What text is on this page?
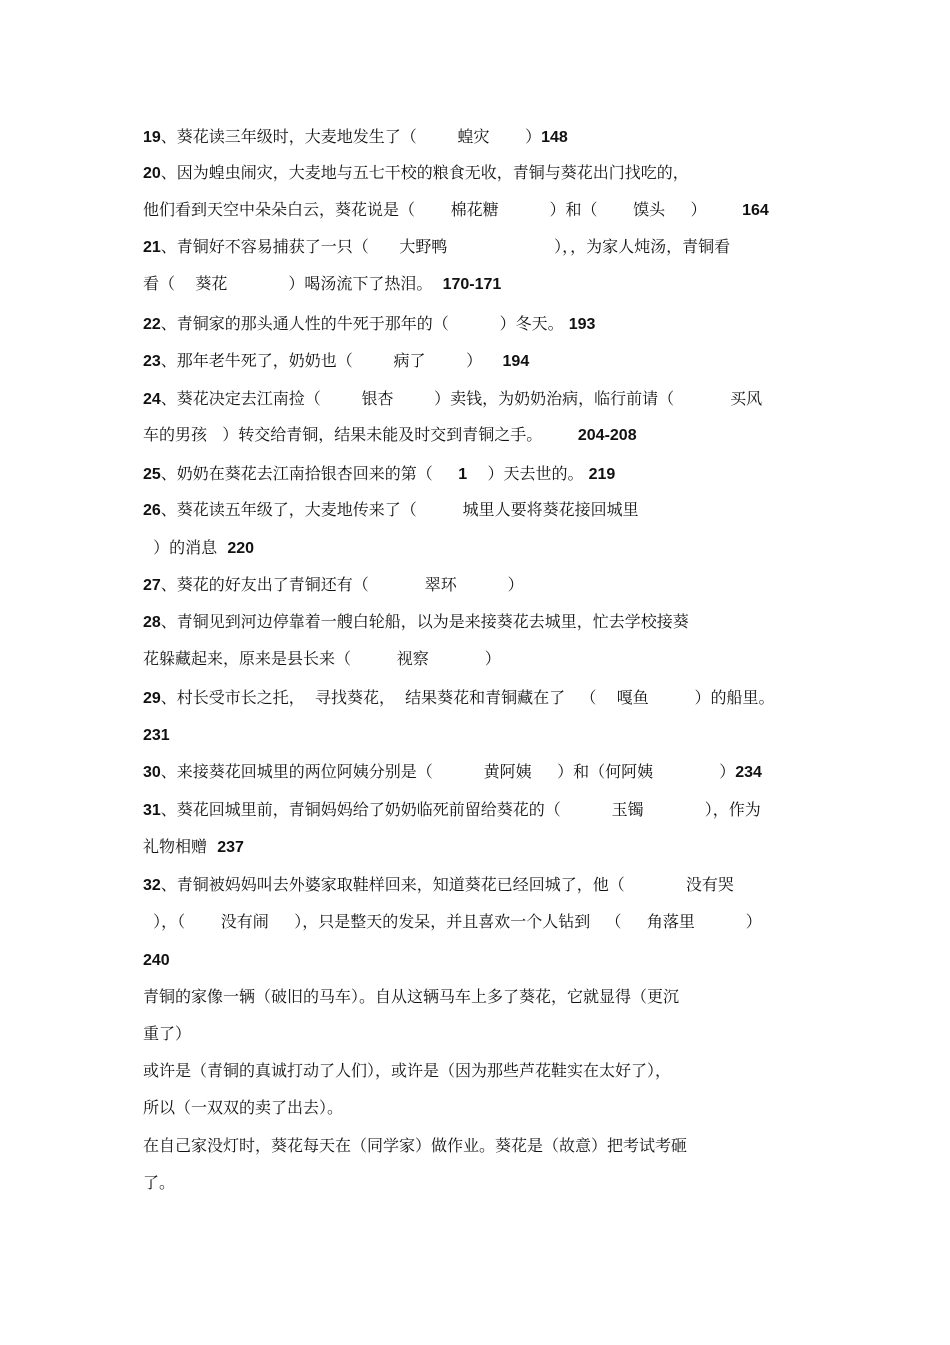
19、葵花读三年级时，大麦地发生了（        蝗灾       ）148
20、因为蝗虫闹灾，大麦地与五七干校的粮食无收，青铜与葵花出门找吃的，
他们看到天空中朵朵白云，葵花说是（       棉花糖          ）和（       馍头     ）       164
21、青铜好不容易捕获了一只（      大野鸭                     ），，为家人炖汤，青铜看
看（    葵花            ）喝汤流下了热泪。  170-171
22、青铜家的那头通人性的牛死于那年的（          ）冬天。 193
23、那年老牛死了，奶奶也（        病了        ）    194
24、葵花决定去江南捡（        银杏        ）卖钱，为奶奶治病，临行前请（           买风
车的男孩   ）转交给青铜，结果未能及时交到青铜之手。       204-208
25、奶奶在葵花去江南拾银杏回来的第（     1    ）天去世的。 219
26、葵花读五年级了，大麦地传来了（         城里人要将葵花接回城里
）的消息  220
27、葵花的好友出了青铜还有（           翠环          ）
28、青铜见到河边停靠着一艘白轮船，以为是来接葵花去城里，忙去学校接葵
花躲藏起来，原来是县长来（         视察           ）
29、村长受市长之托，  寻找葵花，  结果葵花和青铜藏在了   （    嘎鱼         ）的船里。
231
30、来接葵花回城里的两位阿姨分别是（          黄阿姨     ）和（何阿姨             ）234
31、葵花回城里前，青铜妈妈给了奶奶临死前留给葵花的（          玉镯            ），作为
礼物相赠  237
32、青铜被妈妈叫去外婆家取鞋样回来，知道葵花已经回城了，他（            没有哭
），（       没有闹     ），只是整天的发呆，并且喜欢一个人钻到   （     角落里          ）
240
青铜的家像一辆（破旧的马车）。自从这辆马车上多了葵花，它就显得（更沉
重了）
或许是（青铜的真诚打动了人们），或许是（因为那些芦花鞋实在太好了），
所以（一双双的卖了出去）。
在自己家没灯时，葵花每天在（同学家）做作业。葵花是（故意）把考试考砸
了。
